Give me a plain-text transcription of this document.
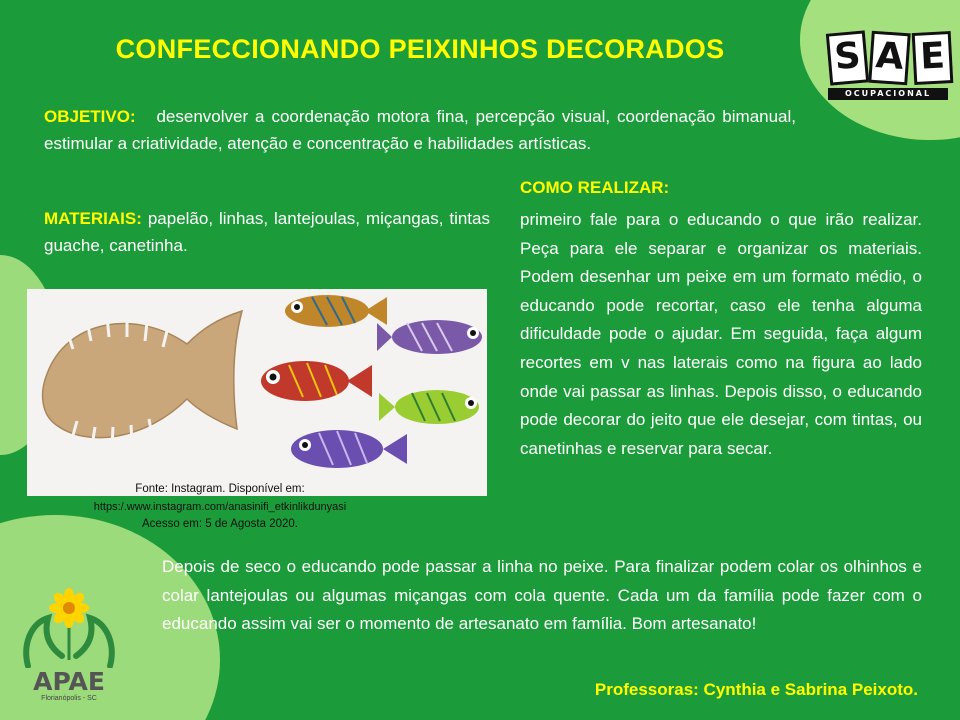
CONFECCIONANDO PEIXINHOS DECORADOS	S A E
OCUPACIONAL
OBJETIVO: desenvolver a coordenação motora fina, percepção visual, coordenação bimanual, estimular a criatividade, atenção e concentração e habilidades artísticas.
MATERIAIS: papelão, linhas, lantejoulas, miçangas, tintas guache, canetinha.
COMO REALIZAR:
primeiro fale para o educando o que irão realizar. Peça para ele separar e organizar os materiais. Podem desenhar um peixe em um formato médio, o educando pode recortar, caso ele tenha alguma dificuldade pode o ajudar. Em seguida, faça algum recortes em v nas laterais como na figura ao lado onde vai passar as linhas. Depois disso, o educando pode decorar do jeito que ele desejar, com tintas, ou canetinhas e reservar para secar.
Fonte: Instagram. Disponível em:
https:/.www.instagram.com/anasinifi_etkinlikdunyasi
Acesso em: 5 de Agosta 2020.
Depois de seco o educando pode passar a linha no peixe. Para finalizar podem colar os olhinhos e colar lantejoulas ou algumas miçangas com cola quente. Cada um da família pode fazer com o educando assim vai ser o momento de artesanato em família. Bom artesanato!
Professoras: Cynthia e Sabrina Peixoto.
APAE
Florianópolis - SC
